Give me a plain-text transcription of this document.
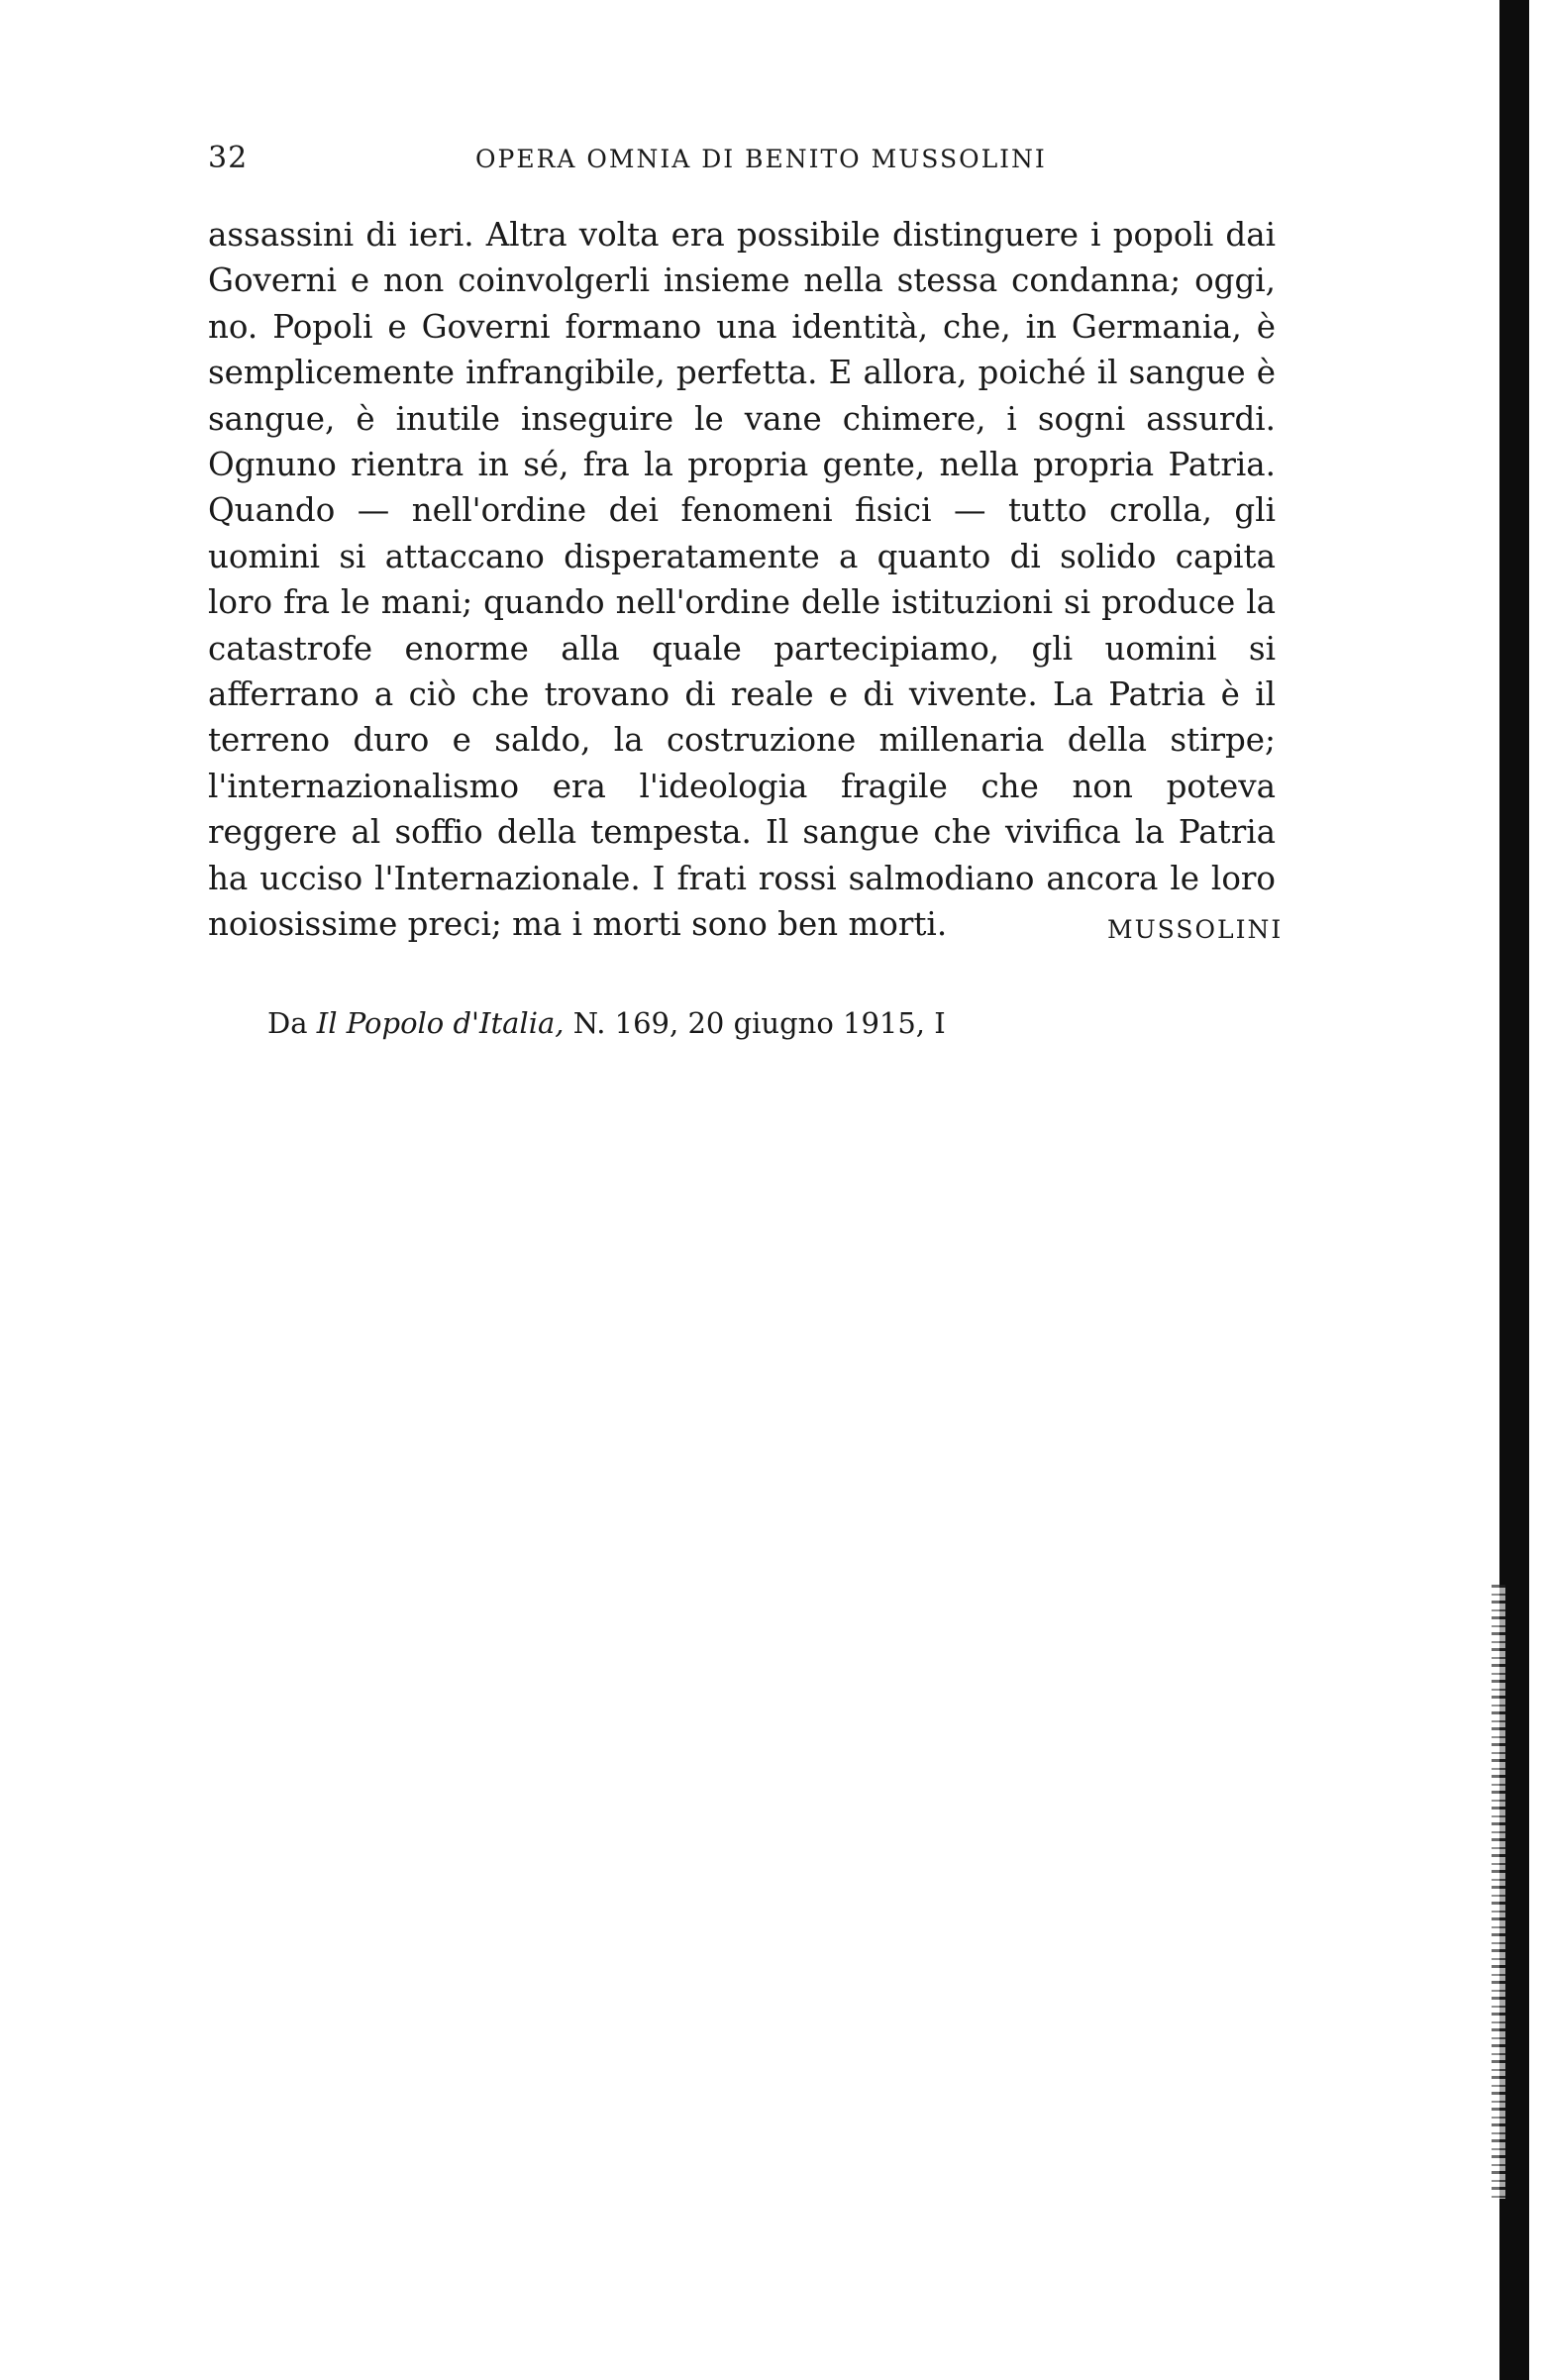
32	OPERA OMNIA DI BENITO MUSSOLINI

assassini di ieri. Altra volta era possibile distinguere i popoli dai Governi e non coinvolgerli insieme nella stessa condanna; oggi, no. Popoli e Governi formano una identità, che, in Germania, è semplicemente infrangibile, perfetta. E allora, poiché il sangue è sangue, è inutile inseguire le vane chimere, i sogni assurdi. Ognuno rientra in sé, fra la propria gente, nella propria Patria. Quando — nell'ordine dei fenomeni fisici — tutto crolla, gli uomini si attaccano disperatamente a quanto di solido capita loro fra le mani; quando nell'ordine delle istituzioni si produce la catastrofe enorme alla quale partecipiamo, gli uomini si afferrano a ciò che trovano di reale e di vivente. La Patria è il terreno duro e saldo, la costruzione millenaria della stirpe; l'internazionalismo era l'ideologia fragile che non poteva reggere al soffio della tempesta. Il sangue che vivifica la Patria ha ucciso l'Internazionale. I frati rossi salmodiano ancora le loro noiosissime preci; ma i morti sono ben morti.	MUSSOLINI
Da Il Popolo d'Italia, N. 169, 20 giugno 1915, I
